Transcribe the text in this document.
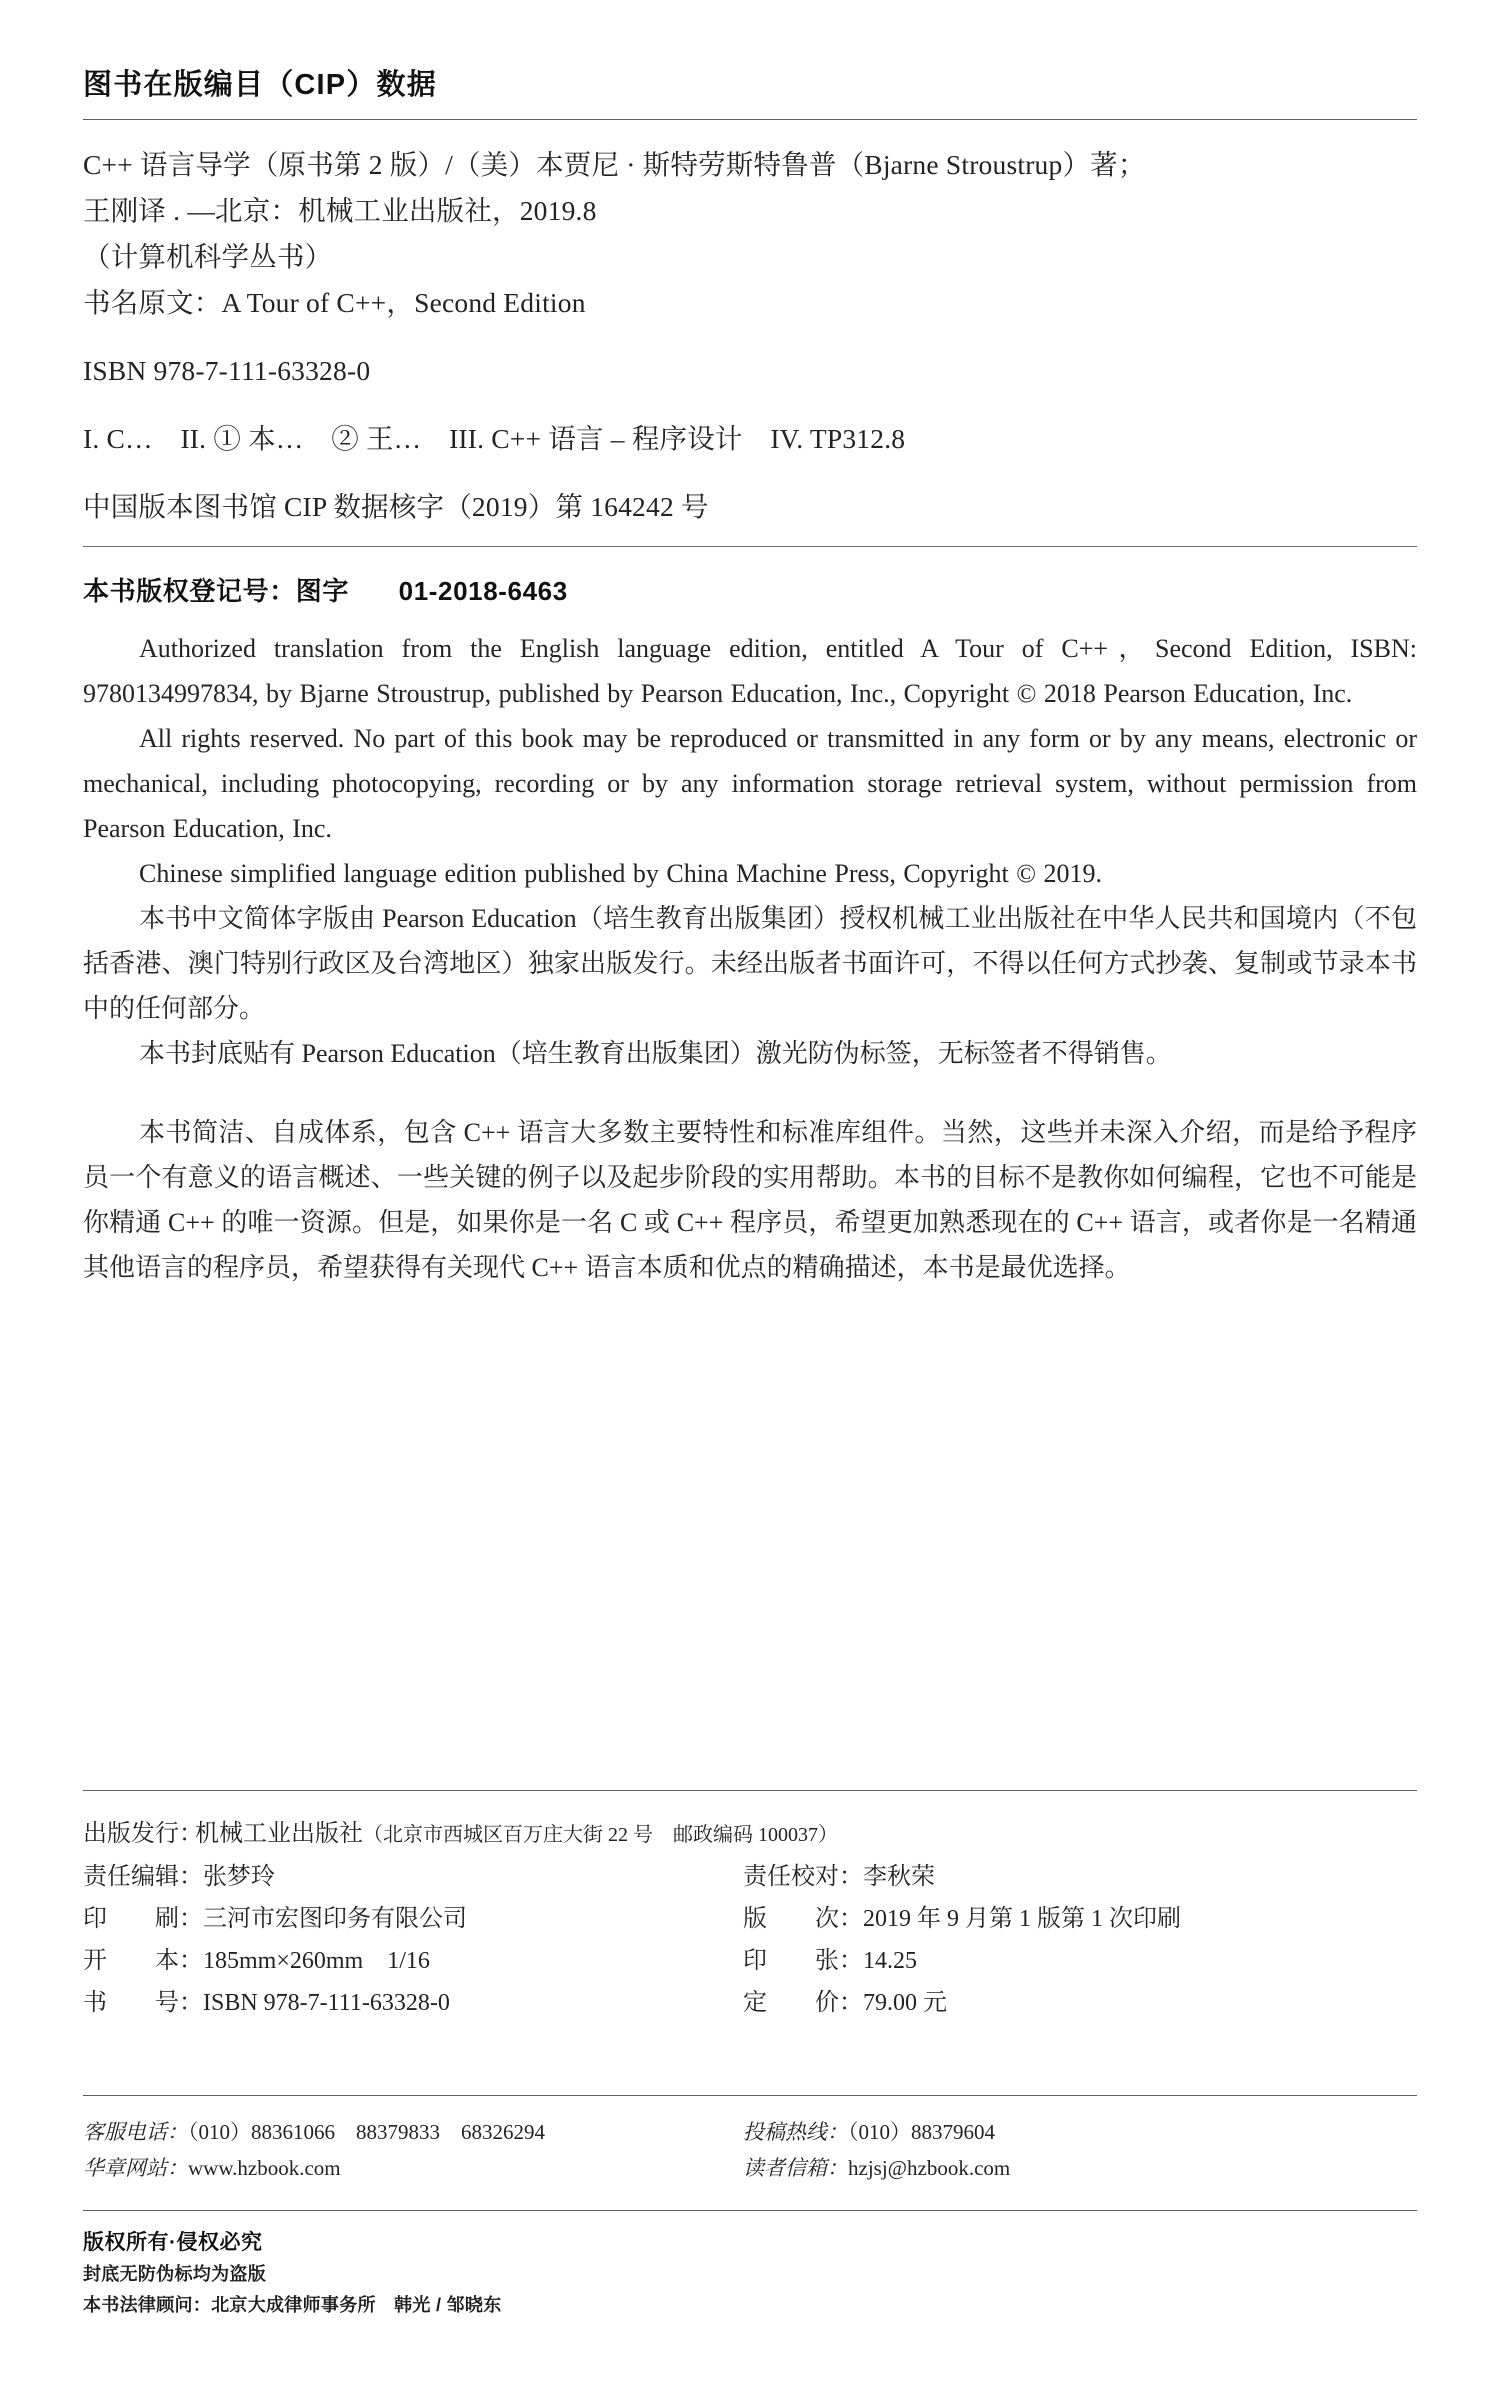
图书在版编目（CIP）数据
C++ 语言导学（原书第 2 版）/（美）本贾尼 · 斯特劳斯特鲁普（Bjarne Stroustrup）著；
王刚译 . —北京：机械工业出版社，2019.8
（计算机科学丛书）
书名原文：A Tour of C++，Second Edition
ISBN 978-7-111-63328-0
I. C…　II. ① 本…　② 王…　III. C++ 语言 – 程序设计　IV. TP312.8
中国版本图书馆 CIP 数据核字（2019）第 164242 号
本书版权登记号：图字 01-2018-6463

Authorized translation from the English language edition, entitled A Tour of C++，Second Edition, ISBN: 9780134997834, by Bjarne Stroustrup, published by Pearson Education, Inc., Copyright © 2018 Pearson Education, Inc.

All rights reserved. No part of this book may be reproduced or transmitted in any form or by any means, electronic or mechanical, including photocopying, recording or by any information storage retrieval system, without permission from Pearson Education, Inc.

Chinese simplified language edition published by China Machine Press, Copyright © 2019.

本书中文简体字版由 Pearson Education（培生教育出版集团）授权机械工业出版社在中华人民共和国境内（不包括香港、澳门特别行政区及台湾地区）独家出版发行。未经出版者书面许可，不得以任何方式抄袭、复制或节录本书中的任何部分。

本书封底贴有 Pearson Education（培生教育出版集团）激光防伪标签，无标签者不得销售。

本书简洁、自成体系，包含 C++ 语言大多数主要特性和标准库组件。当然，这些并未深入介绍，而是给予程序员一个有意义的语言概述、一些关键的例子以及起步阶段的实用帮助。本书的目标不是教你如何编程，它也不可能是你精通 C++ 的唯一资源。但是，如果你是一名 C 或 C++ 程序员，希望更加熟悉现在的 C++ 语言，或者你是一名精通其他语言的程序员，希望获得有关现代 C++ 语言本质和优点的精确描述，本书是最优选择。

出版发行：
机械工业出版社 （北京市西城区百万庄大街 22 号　邮政编码 100037）
责任编辑： 张梦玲	责任校对： 李秋荣
印　　刷： 三河市宏图印务有限公司	版　　次： 2019 年 9 月第 1 版第 1 次印刷
开　　本： 185mm×260mm　1/16	印　　张： 14.25
书　　号： ISBN 978-7-111-63328-0	定　　价： 79.00 元
客服电话：（010）88361066　88379833　68326294	投稿热线：（010）88379604
华章网站：www.hzbook.com	读者信箱：hzjsj@hzbook.com
版权所有·侵权必究
封底无防伪标均为盗版
本书法律顾问：北京大成律师事务所　韩光 / 邹晓东
